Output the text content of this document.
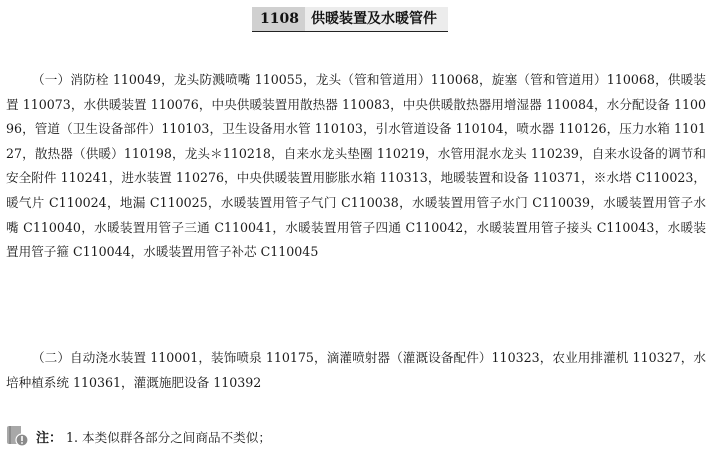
1108 供暖装置及水暖管件

（一）消防栓 110049，龙头防溅喷嘴 110055，龙头（管和管道用）110068，旋塞（管和管道用）110068，供暖装置 110073，水供暖装置 110076，中央供暖装置用散热器 110083，中央供暖散热器用增湿器 110084，水分配设备 110096，管道（卫生设备部件）110103，卫生设备用水管 110103，引水管道设备 110104，喷水器 110126，压力水箱 110127，散热器（供暖）110198，龙头＊110218，自来水龙头垫圈 110219，水管用混水龙头 110239，自来水设备的调节和安全附件 110241，进水装置 110276，中央供暖装置用膨胀水箱 110313，地暖装置和设备 110371，※水塔 C110023，暖气片 C110024，地漏 C110025，水暖装置用管子气门 C110038，水暖装置用管子水门 C110039，水暖装置用管子水嘴 C110040，水暖装置用管子三通 C110041，水暖装置用管子四通 C110042，水暖装置用管子接头 C110043，水暖装置用管子箍 C110044，水暖装置用管子补芯 C110045

（二）自动浇水装置 110001，装饰喷泉 110175，滴灌喷射器（灌溉设备配件）110323，农业用排灌机 110327，水培种植系统 110361，灌溉施肥设备 110392

注： 1. 本类似群各部分之间商品不类似；
